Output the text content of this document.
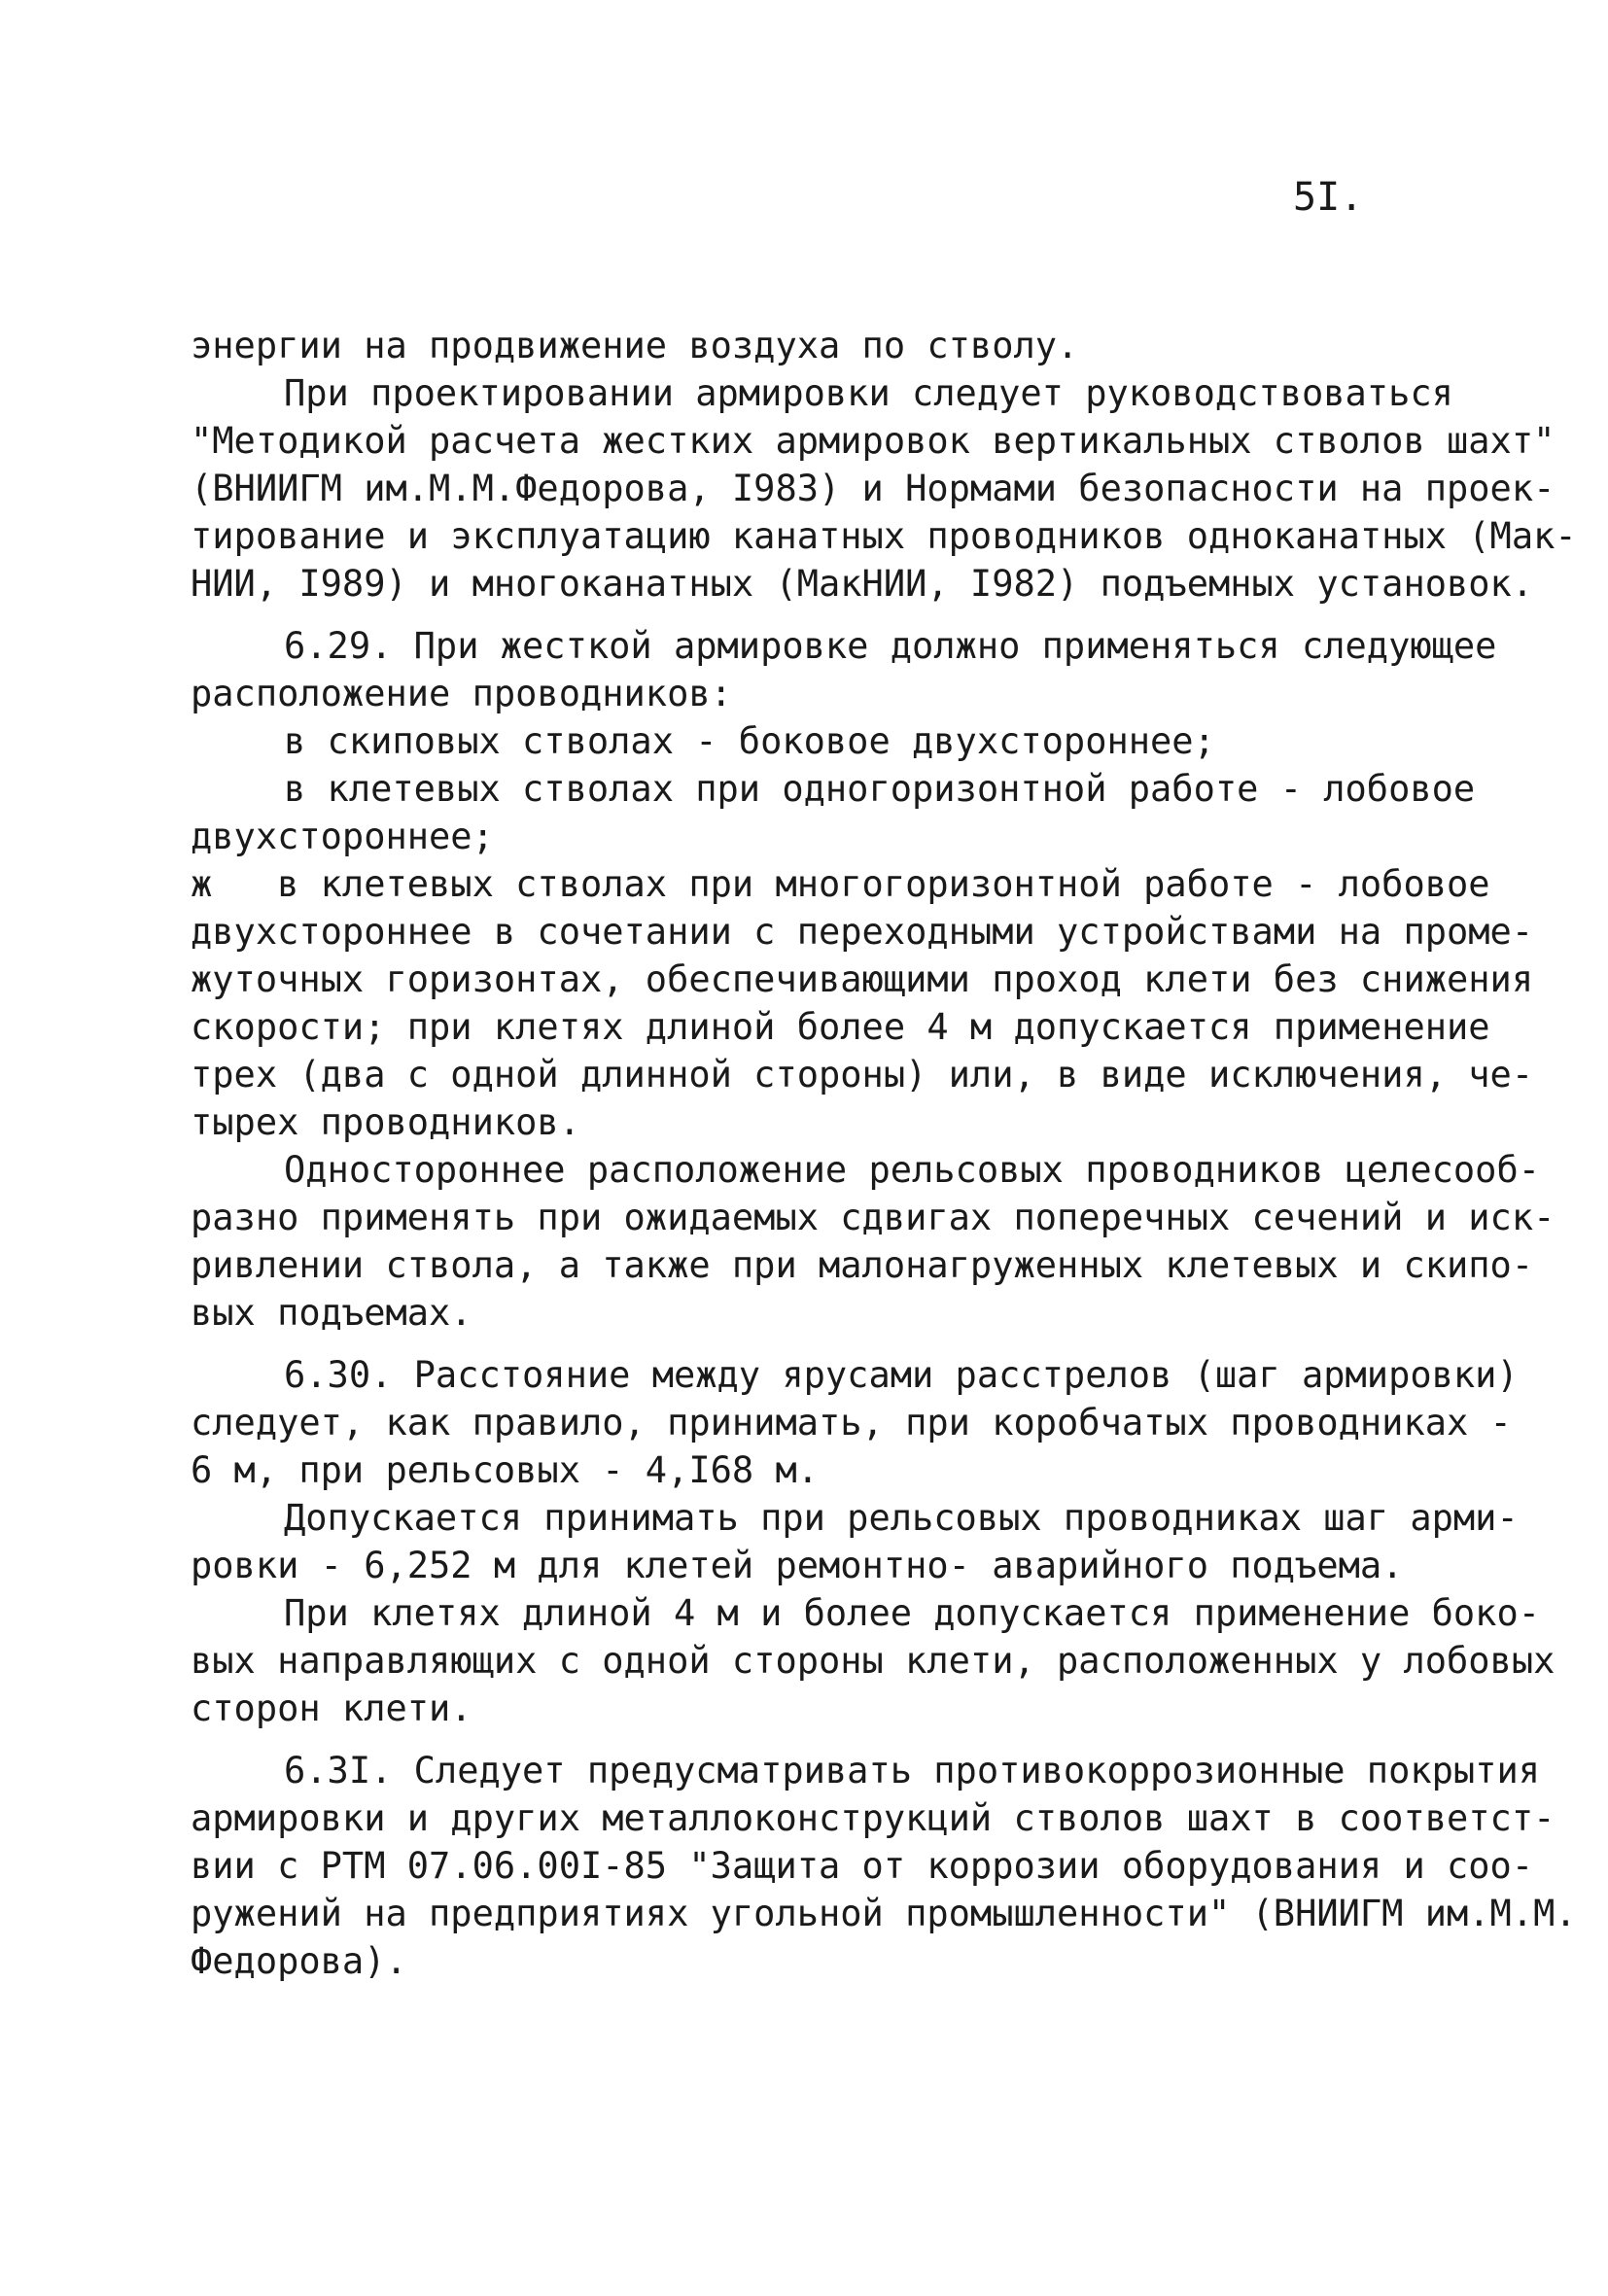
5I.
энергии на продвижение воздуха по стволу.
При проектировании армировки следует руководствоваться
"Методикой расчета жестких армировок вертикальных стволов шахт"
(ВНИИГМ им.М.М.Федорова, I983) и Нормами безопасности на проек-
тирование и эксплуатацию канатных проводников одноканатных (Мак-
НИИ, I989) и многоканатных (МакНИИ, I982) подъемных установок.
6.29. При жесткой армировке должно применяться следующее
расположение проводников:
в скиповых стволах - боковое двухстороннее;
в клетевых стволах при одногоризонтной работе - лобовое
двухстороннее;
ж   в клетевых стволах при многогоризонтной работе - лобовое
двухстороннее в сочетании с переходными устройствами на проме-
жуточных горизонтах, обеспечивающими проход клети без снижения
скорости; при клетях длиной более 4 м допускается применение
трех (два с одной длинной стороны) или, в виде исключения, че-
тырех проводников.
Одностороннее расположение рельсовых проводников целесооб-
разно применять при ожидаемых сдвигах поперечных сечений и иск-
ривлении ствола, а также при малонагруженных клетевых и скипо-
вых подъемах.
6.30. Расстояние между ярусами расстрелов (шаг армировки)
следует, как правило, принимать, при коробчатых проводниках -
6 м, при рельсовых - 4,I68 м.
Допускается принимать при рельсовых проводниках шаг арми-
ровки - 6,252 м для клетей ремонтно- аварийного подъема.
При клетях длиной 4 м и более допускается применение боко-
вых направляющих с одной стороны клети, расположенных у лобовых
сторон клети.
6.3I. Следует предусматривать противокоррозионные покрытия
армировки и других металлоконструкций стволов шахт в соответст-
вии с РТМ 07.06.00I-85 "Защита от коррозии оборудования и соо-
ружений на предприятиях угольной промышленности" (ВНИИГМ им.М.М.
Федорова).
